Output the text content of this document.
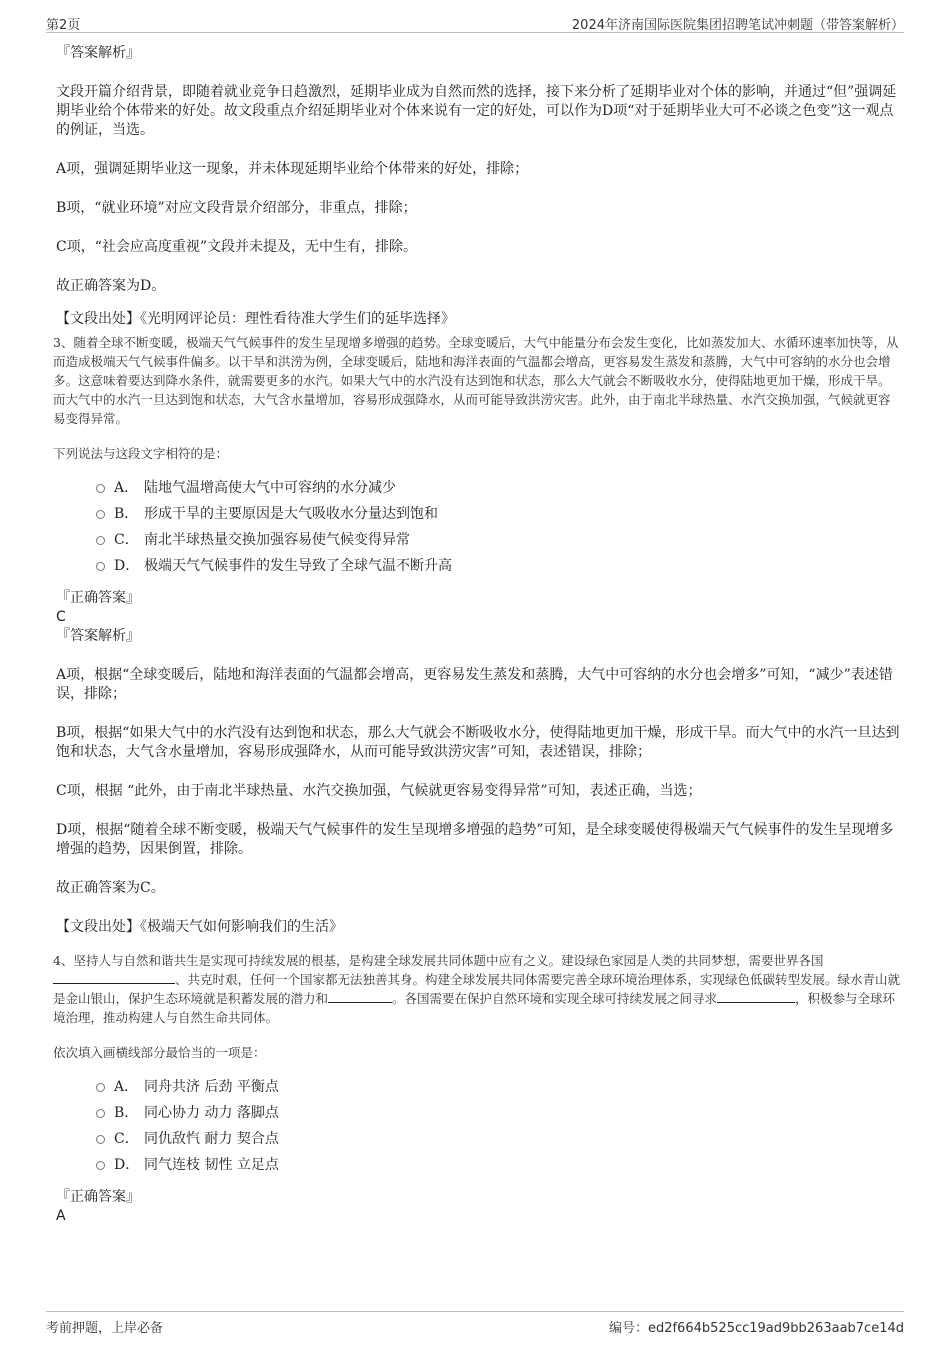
第2页	2024年济南国际医院集团招聘笔试冲刺题（带答案解析）

『答案解析』

文段开篇介绍背景，即随着就业竞争日趋激烈，延期毕业成为自然而然的选择，接下来分析了延期毕业对个体的影响，并通过“但”强调延期毕业给个体带来的好处。故文段重点介绍延期毕业对个体来说有一定的好处，可以作为D项“对于延期毕业大可不必谈之色变”这一观点的例证，当选。

A项，强调延期毕业这一现象，并未体现延期毕业给个体带来的好处，排除；

B项，“就业环境”对应文段背景介绍部分，非重点，排除；

C项，“社会应高度重视”文段并未提及，无中生有，排除。

故正确答案为D。

【文段出处】《光明网评论员：理性看待准大学生们的延毕选择》

3、随着全球不断变暖，极端天气气候事件的发生呈现增多增强的趋势。全球变暖后，大气中能量分布会发生变化，比如蒸发加大、水循环速率加快等，从而造成极端天气气候事件偏多。以干旱和洪涝为例，全球变暖后，陆地和海洋表面的气温都会增高，更容易发生蒸发和蒸腾，大气中可容纳的水分也会增多。这意味着要达到降水条件，就需要更多的水汽。如果大气中的水汽没有达到饱和状态，那么大气就会不断吸收水分，使得陆地更加干燥，形成干旱。而大气中的水汽一旦达到饱和状态，大气含水量增加，容易形成强降水，从而可能导致洪涝灾害。此外，由于南北半球热量、水汽交换加强，气候就更容易变得异常。

下列说法与这段文字相符的是：

A． 陆地气温增高使大气中可容纳的水分减少
B． 形成干旱的主要原因是大气吸收水分量达到饱和
C． 南北半球热量交换加强容易使气候变得异常
D． 极端天气气候事件的发生导致了全球气温不断升高

『正确答案』

C

『答案解析』

A项，根据“全球变暖后，陆地和海洋表面的气温都会增高，更容易发生蒸发和蒸腾，大气中可容纳的水分也会增多”可知，“减少”表述错误，排除；

B项，根据“如果大气中的水汽没有达到饱和状态，那么大气就会不断吸收水分，使得陆地更加干燥，形成干旱。而大气中的水汽一旦达到饱和状态，大气含水量增加，容易形成强降水，从而可能导致洪涝灾害”可知，表述错误，排除；

C项，根据 “此外，由于南北半球热量、水汽交换加强，气候就更容易变得异常”可知，表述正确，当选；

D项，根据“随着全球不断变暖，极端天气气候事件的发生呈现增多增强的趋势”可知，是全球变暖使得极端天气气候事件的发生呈现增多增强的趋势，因果倒置，排除。

故正确答案为C。

【文段出处】《极端天气如何影响我们的生活》

4、坚持人与自然和谐共生是实现可持续发展的根基，是构建全球发展共同体题中应有之义。建设绿色家园是人类的共同梦想，需要世界各国、共克时艰，任何一个国家都无法独善其身。构建全球发展共同体需要完善全球环境治理体系，实现绿色低碳转型发展。绿水青山就是金山银山，保护生态环境就是积蓄发展的潜力和	。各国需要在保护自然环境和实现全球可持续发展之间寻求	，积极参与全球环境治理，推动构建人与自然生命共同体。

依次填入画横线部分最恰当的一项是：

A． 同舟共济 后劲 平衡点
B． 同心协力 动力 落脚点
C． 同仇敌忾 耐力 契合点
D． 同气连枝 韧性 立足点

『正确答案』

A

考前押题，上岸必备	编号：ed2f664b525cc19ad9bb263aab7ce14d
